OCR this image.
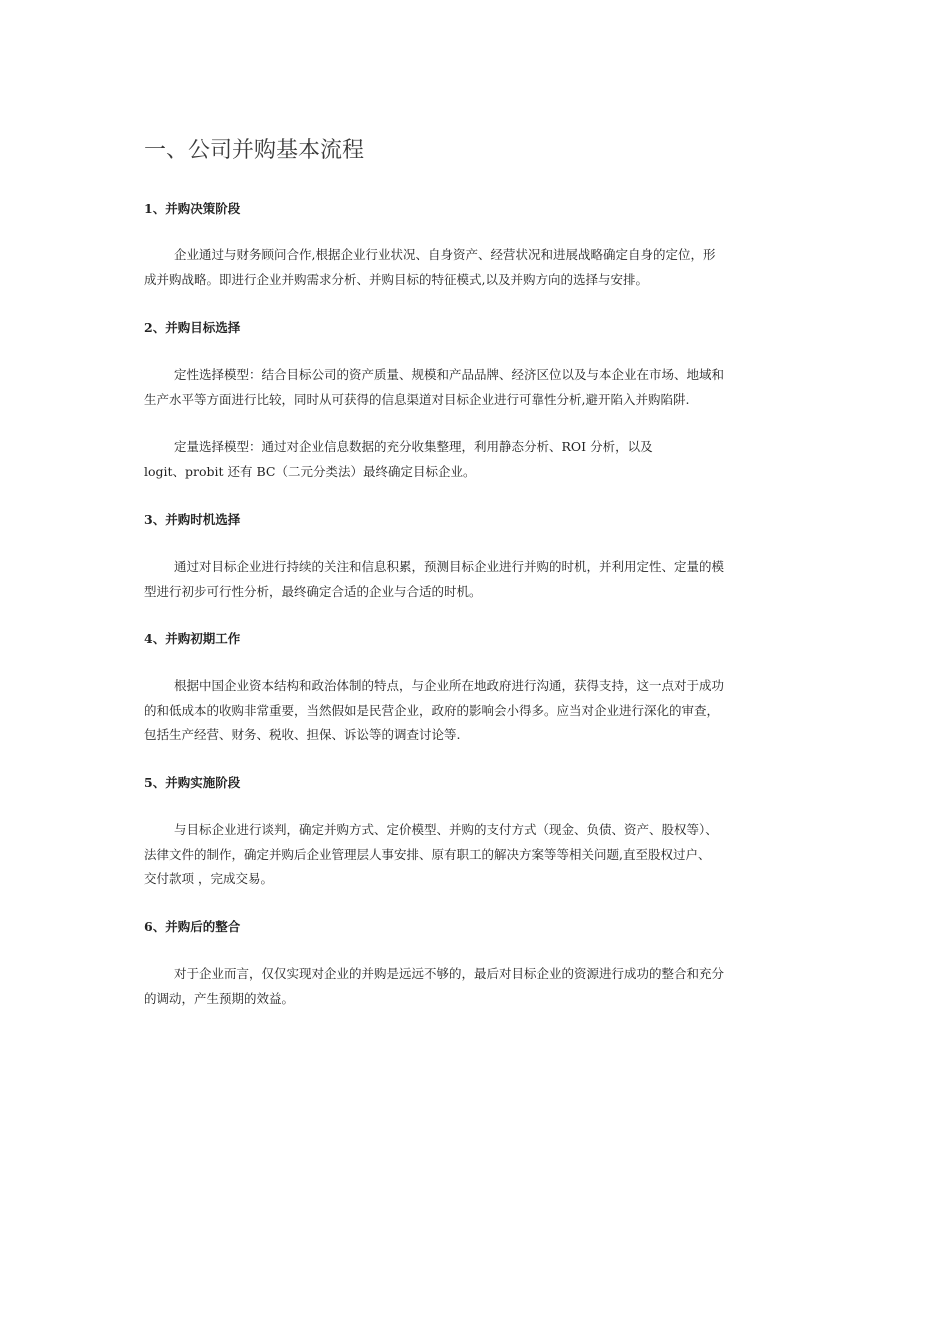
一、公司并购基本流程
1、并购决策阶段

企业通过与财务顾问合作,根据企业行业状况、自身资产、经营状况和进展战略确定自身的定位，形
成并购战略。即进行企业并购需求分析、并购目标的特征模式,以及并购方向的选择与安排。

2、并购目标选择

定性选择模型：结合目标公司的资产质量、规模和产品品牌、经济区位以及与本企业在市场、地域和
生产水平等方面进行比较，同时从可获得的信息渠道对目标企业进行可靠性分析,避开陷入并购陷阱.

定量选择模型：通过对企业信息数据的充分收集整理，利用静态分析、ROI 分析，以及
logit、probit 还有 BC（二元分类法）最终确定目标企业。

3、并购时机选择

通过对目标企业进行持续的关注和信息积累，预测目标企业进行并购的时机，并利用定性、定量的模
型进行初步可行性分析，最终确定合适的企业与合适的时机。

4、并购初期工作

根据中国企业资本结构和政治体制的特点，与企业所在地政府进行沟通，获得支持，这一点对于成功
的和低成本的收购非常重要，当然假如是民营企业，政府的影响会小得多。应当对企业进行深化的审查，
包括生产经营、财务、税收、担保、诉讼等的调查讨论等.

5、并购实施阶段

与目标企业进行谈判，确定并购方式、定价模型、并购的支付方式（现金、负债、资产、股权等）、
法律文件的制作，确定并购后企业管理层人事安排、原有职工的解决方案等等相关问题,直至股权过户、
交付款项 ，完成交易。

6、并购后的整合

对于企业而言，仅仅实现对企业的并购是远远不够的，最后对目标企业的资源进行成功的整合和充分
的调动，产生预期的效益。
